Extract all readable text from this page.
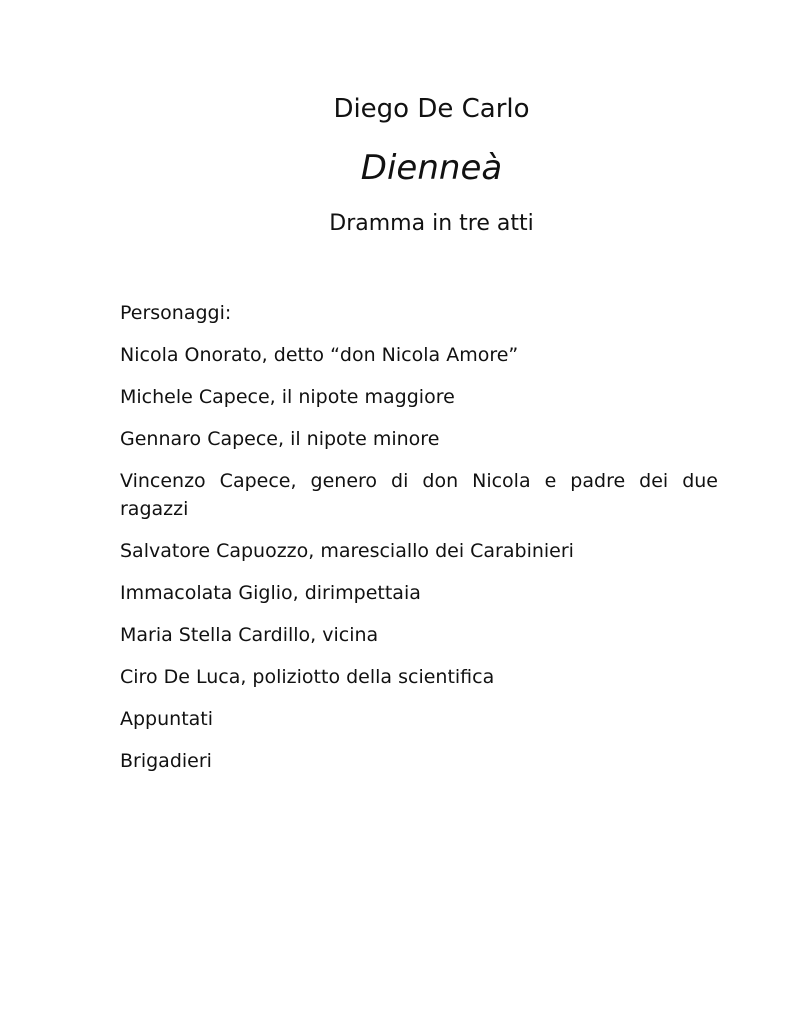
Diego De Carlo
Dienneà
Dramma in tre atti
Personaggi:
Nicola Onorato, detto “don Nicola Amore”
Michele Capece, il nipote maggiore
Gennaro Capece, il nipote minore
Vincenzo Capece, genero di don Nicola e padre dei due ragazzi
Salvatore Capuozzo, maresciallo dei Carabinieri
Immacolata Giglio, dirimpettaia
Maria Stella Cardillo, vicina
Ciro De Luca, poliziotto della scientifica
Appuntati
Brigadieri
